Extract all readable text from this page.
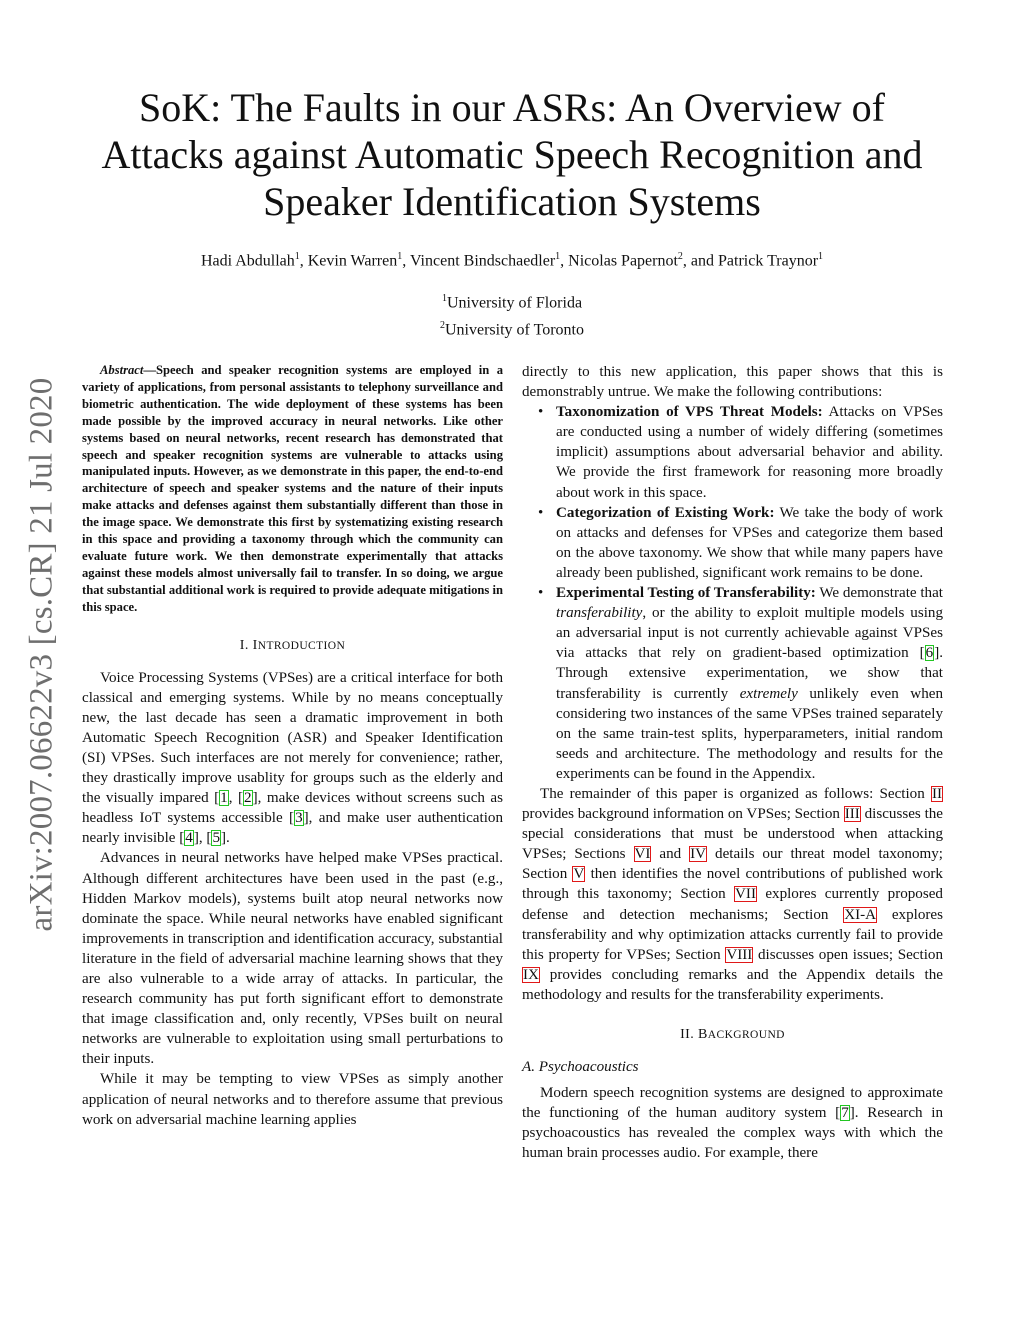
arXiv:2007.06622v3 [cs.CR] 21 Jul 2020
SoK: The Faults in our ASRs: An Overview of
Attacks against Automatic Speech Recognition and
Speaker Identification Systems
Hadi Abdullah$^1$, Kevin Warren$^1$, Vincent Bindschaedler$^1$, Nicolas Papernot$^2$, and Patrick Traynor$^1$
$^1$University of Florida
$^2$University of Toronto

Abstract—Speech and speaker recognition systems are employed in a variety of applications, from personal assistants to telephony surveillance and biometric authentication. The wide deployment of these systems has been made possible by the improved accuracy in neural networks. Like other systems based on neural networks, recent research has demonstrated that speech and speaker recognition systems are vulnerable to attacks using manipulated inputs. However, as we demonstrate in this paper, the end-to-end architecture of speech and speaker systems and the nature of their inputs make attacks and defenses against them substantially different than those in the image space. We demonstrate this first by systematizing existing research in this space and providing a taxonomy through which the community can evaluate future work. We then demonstrate experimentally that attacks against these models almost universally fail to transfer. In so doing, we argue that substantial additional work is required to provide adequate mitigations in this space.

I. INTRODUCTION

Voice Processing Systems (VPSes) are a critical interface for both classical and emerging systems. While by no means conceptually new, the last decade has seen a dramatic improvement in both Automatic Speech Recognition (ASR) and Speaker Identification (SI) VPSes. Such interfaces are not merely for convenience; rather, they drastically improve usablity for groups such as the elderly and the visually impared [1, [2], make devices without screens such as headless IoT systems accessible [3], and make user authentication nearly invisible [4], [5].

Advances in neural networks have helped make VPSes practical. Although different architectures have been used in the past (e.g., Hidden Markov models), systems built atop neural networks now dominate the space. While neural networks have enabled significant improvements in transcription and identification accuracy, substantial literature in the field of adversarial machine learning shows that they are also vulnerable to a wide array of attacks. In particular, the research community has put forth significant effort to demonstrate that image classification and, only recently, VPSes built on neural networks are vulnerable to exploitation using small perturbations to their inputs.

While it may be tempting to view VPSes as simply another application of neural networks and to therefore assume that previous work on adversarial machine learning applies

directly to this new application, this paper shows that this is demonstrably untrue. We make the following contributions:

• Taxonomization of VPS Threat Models: Attacks on VPSes are conducted using a number of widely differing (sometimes implicit) assumptions about adversarial behavior and ability. We provide the first framework for reasoning more broadly about work in this space.
• Categorization of Existing Work: We take the body of work on attacks and defenses for VPSes and categorize them based on the above taxonomy. We show that while many papers have already been published, significant work remains to be done.
• Experimental Testing of Transferability: We demonstrate that transferability, or the ability to exploit multiple models using an adversarial input is not currently achievable against VPSes via attacks that rely on gradient-based optimization [6]. Through extensive experimentation, we show that transferability is currently extremely unlikely even when considering two instances of the same VPSes trained separately on the same train-test splits, hyperparameters, initial random seeds and architecture. The methodology and results for the experiments can be found in the Appendix.

The remainder of this paper is organized as follows: Section II provides background information on VPSes; Section III discusses the special considerations that must be understood when attacking VPSes; Sections VI and IV details our threat model taxonomy; Section V then identifies the novel contributions of published work through this taxonomy; Section VII explores currently proposed defense and detection mechanisms; Section XI-A explores transferability and why optimization attacks currently fail to provide this property for VPSes; Section VIII discusses open issues; Section IX provides concluding remarks and the Appendix details the methodology and results for the transferability experiments.

II. BACKGROUND
A. Psychoacoustics

Modern speech recognition systems are designed to approximate the functioning of the human auditory system [7]. Research in psychoacoustics has revealed the complex ways with which the human brain processes audio. For example, there
